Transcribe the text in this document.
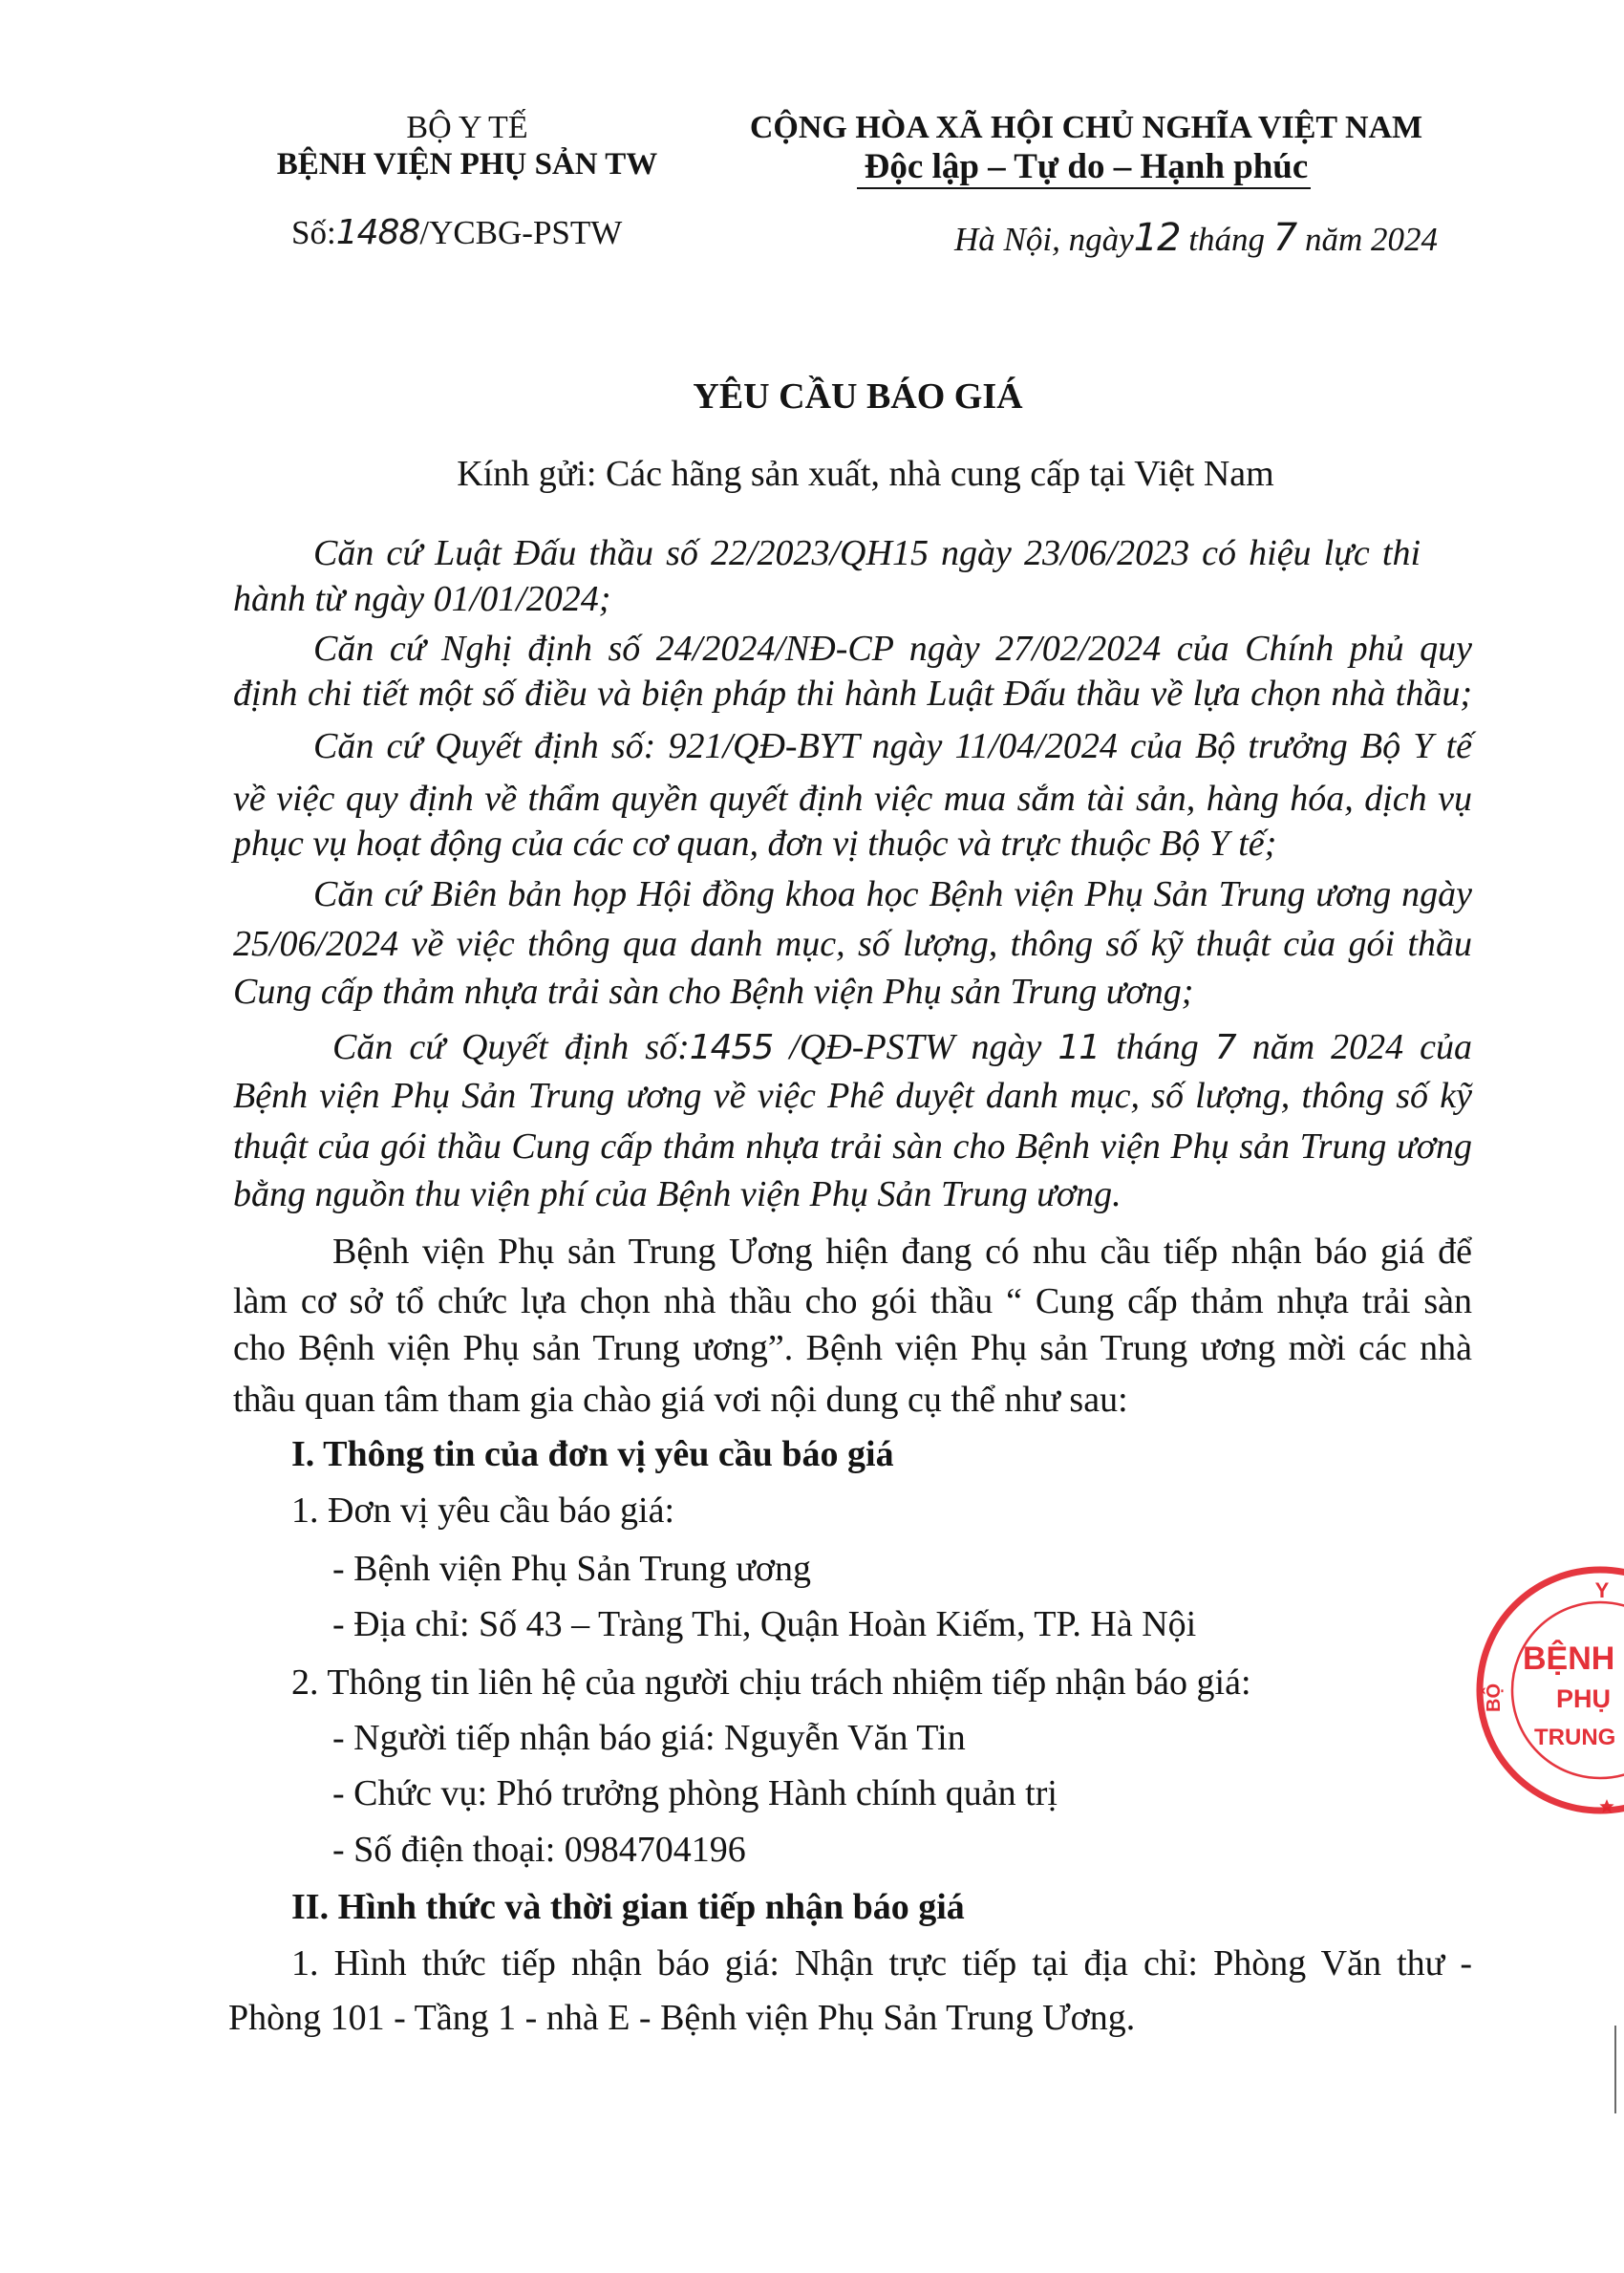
BỘ Y TẾ
BỆNH VIỆN PHỤ SẢN TW
Số:1488/YCBG-PSTW
CỘNG HÒA XÃ HỘI CHỦ NGHĨA VIỆT NAM
Độc lập – Tự do – Hạnh phúc
Hà Nội, ngày12 tháng 7 năm 2024
YÊU CẦU BÁO GIÁ
Kính gửi: Các hãng sản xuất, nhà cung cấp tại Việt Nam
Căn cứ Luật Đấu thầu số 22/2023/QH15 ngày 23/06/2023 có hiệu lực thi
hành từ ngày 01/01/2024;
Căn cứ Nghị định số 24/2024/NĐ-CP ngày 27/02/2024 của Chính phủ quy
định chi tiết một số điều và biện pháp thi hành Luật Đấu thầu về lựa chọn nhà thầu;
Căn cứ Quyết định số: 921/QĐ-BYT ngày 11/04/2024 của Bộ trưởng Bộ Y tế
về việc quy định về thẩm quyền quyết định việc mua sắm tài sản, hàng hóa, dịch vụ
phục vụ hoạt động của các cơ quan, đơn vị thuộc và trực thuộc Bộ Y tế;
Căn cứ Biên bản họp Hội đồng khoa học Bệnh viện Phụ Sản Trung ương ngày
25/06/2024 về việc thông qua danh mục, số lượng, thông số kỹ thuật của gói thầu
Cung cấp thảm nhựa trải sàn cho Bệnh viện Phụ sản Trung ương;
Căn cứ Quyết định số:1455 /QĐ-PSTW ngày 11 tháng 7 năm 2024 của
Bệnh viện Phụ Sản Trung ương về việc Phê duyệt danh mục, số lượng, thông số kỹ
thuật của gói thầu Cung cấp thảm nhựa trải sàn cho Bệnh viện Phụ sản Trung ương
bằng nguồn thu viện phí của Bệnh viện Phụ Sản Trung ương.
Bệnh viện Phụ sản Trung Ương hiện đang có nhu cầu tiếp nhận báo giá để
làm cơ sở tổ chức lựa chọn nhà thầu cho gói thầu “ Cung cấp thảm nhựa trải sàn
cho Bệnh viện Phụ sản Trung ương”. Bệnh viện Phụ sản Trung ương mời các nhà
thầu quan tâm tham gia chào giá vơi nội dung cụ thể như sau:
I. Thông tin của đơn vị yêu cầu báo giá
1. Đơn vị yêu cầu báo giá:
- Bệnh viện Phụ Sản Trung ương
- Địa chỉ: Số 43 – Tràng Thi, Quận Hoàn Kiếm, TP. Hà Nội
2. Thông tin liên hệ của người chịu trách nhiệm tiếp nhận báo giá:
- Người tiếp nhận báo giá: Nguyễn Văn Tin
- Chức vụ: Phó trưởng phòng Hành chính quản trị
- Số điện thoại: 0984704196
II. Hình thức và thời gian tiếp nhận báo giá
1. Hình thức tiếp nhận báo giá: Nhận trực tiếp tại địa chỉ: Phòng Văn thư -
Phòng 101 - Tầng 1 - nhà E - Bệnh viện Phụ Sản Trung Ương.
Y
BỘ
BỆNH
PHỤ
TRUNG
